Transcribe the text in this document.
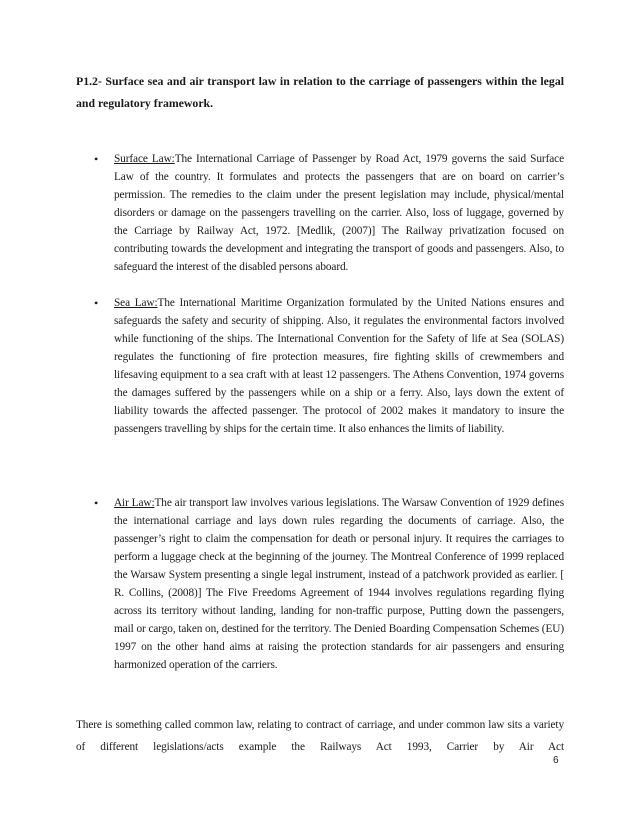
P1.2- Surface sea and air transport law in relation to the carriage of passengers within the legal and regulatory framework.
• Surface Law:The International Carriage of Passenger by Road Act, 1979 governs the said Surface Law of the country. It formulates and protects the passengers that are on board on carrier’s permission. The remedies to the claim under the present legislation may include, physical/mental disorders or damage on the passengers travelling on the carrier. Also, loss of luggage, governed by the Carriage by Railway Act, 1972. [Medlik, (2007)] The Railway privatization focused on contributing towards the development and integrating the transport of goods and passengers. Also, to safeguard the interest of the disabled persons aboard.
• Sea Law:The International Maritime Organization formulated by the United Nations ensures and safeguards the safety and security of shipping. Also, it regulates the environmental factors involved while functioning of the ships. The International Convention for the Safety of life at Sea (SOLAS) regulates the functioning of fire protection measures, fire fighting skills of crewmembers and lifesaving equipment to a sea craft with at least 12 passengers. The Athens Convention, 1974 governs the damages suffered by the passengers while on a ship or a ferry. Also, lays down the extent of liability towards the affected passenger. The protocol of 2002 makes it mandatory to insure the passengers travelling by ships for the certain time. It also enhances the limits of liability.
• Air Law:The air transport law involves various legislations. The Warsaw Convention of 1929 defines the international carriage and lays down rules regarding the documents of carriage. Also, the passenger’s right to claim the compensation for death or personal injury. It requires the carriages to perform a luggage check at the beginning of the journey. The Montreal Conference of 1999 replaced the Warsaw System presenting a single legal instrument, instead of a patchwork provided as earlier. [ R. Collins, (2008)] The Five Freedoms Agreement of 1944 involves regulations regarding flying across its territory without landing, landing for non-traffic purpose, Putting down the passengers, mail or cargo, taken on, destined for the territory. The Denied Boarding Compensation Schemes (EU) 1997 on the other hand aims at raising the protection standards for air passengers and ensuring harmonized operation of the carriers.
There is something called common law, relating to contract of carriage, and under common law sits a variety of different legislations/acts example the Railways Act 1993, Carrier by Air Act
6
